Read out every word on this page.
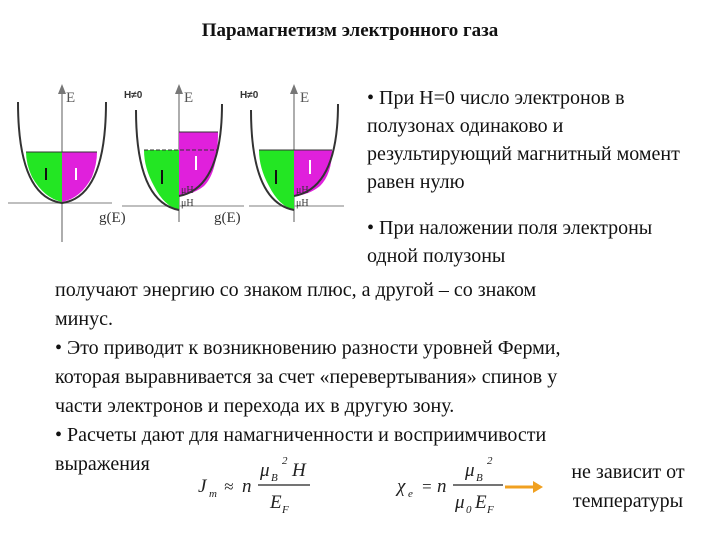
Парамагнетизм электронного газа
E	H≠0	E
μH
μH
g(E)
H≠0	E
μH
μH
g(E)
• При H=0 число электронов в полузонах одинаково и результирующий магнитный момент равен нулю
• При наложении поля электроны одной полузоны
получают энергию со знаком плюс, а другой – со знаком
минус.
• Это приводит к возникновению разности уровней Ферми,
которая выравнивается за счет «перевертывания» спинов у
части электронов и перехода их в другую зону.
• Расчеты дают для намагниченности и восприимчивости
выражения
J m ≈ n
μ B
2 H
E F
χ e = n
μ B
2
μ 0 E F
не зависит от температуры
